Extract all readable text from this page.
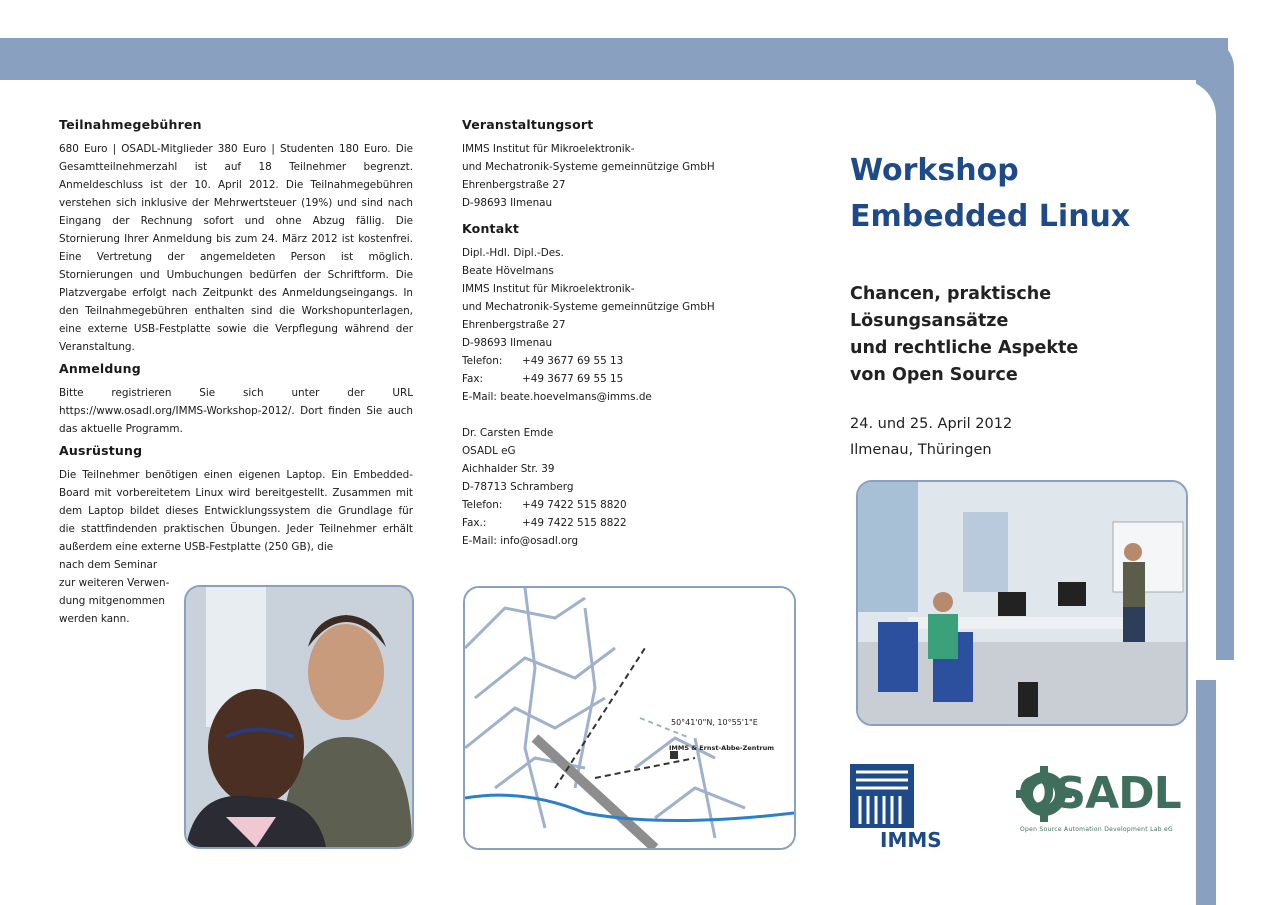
Teilnahmegebühren

680 Euro | OSADL-Mitglieder 380 Euro | Studenten 180 Euro. Die Gesamtteilnehmerzahl ist auf 18 Teilnehmer begrenzt. Anmeldeschluss ist der 10. April 2012. Die Teilnahmegebühren verstehen sich inklusive der Mehrwertsteuer (19%) und sind nach Eingang der Rechnung sofort und ohne Abzug fällig. Die Stornierung Ihrer Anmeldung bis zum 24. März 2012 ist kostenfrei. Eine Vertretung der angemeldeten Person ist möglich. Stornierungen und Umbuchungen bedürfen der Schriftform. Die Platzvergabe erfolgt nach Zeitpunkt des Anmeldungseingangs. In den Teilnahmegebühren enthalten sind die Workshopunterlagen, eine externe USB-Festplatte sowie die Verpflegung während der Veranstaltung.

Anmeldung

Bitte registrieren Sie sich unter der URL https://www.osadl.org/IMMS-Workshop-2012/. Dort finden Sie auch das aktuelle Programm.

Ausrüstung

Die Teilnehmer benötigen einen eigenen Laptop. Ein Embedded-Board mit vorbereitetem Linux wird bereitgestellt. Zusammen mit dem Laptop bildet dieses Entwicklungssystem die Grundlage für die stattfindenden praktischen Übungen. Jeder Teilnehmer erhält außerdem eine externe USB-Festplatte (250 GB), die

nach dem Seminar
zur weiteren Verwen-
dung mitgenommen
werden kann.
Veranstaltungsort
IMMS Institut für Mikroelektronik-
und Mechatronik-Systeme gemeinnützige GmbH
Ehrenbergstraße 27
D-98693 Ilmenau
Kontakt
Dipl.-Hdl. Dipl.-Des.
Beate Hövelmans
IMMS Institut für Mikroelektronik-
und Mechatronik-Systeme gemeinnützige GmbH
Ehrenbergstraße 27
D-98693 Ilmenau
Telefon: +49 3677 69 55 13
Fax:	+49 3677 69 55 15
E-Mail: beate.hoevelmans@imms.de
Dr. Carsten Emde
OSADL eG
Aichhalder Str. 39
D-78713 Schramberg
Telefon: +49 7422 515 8820
Fax.:	+49 7422 515 8822
E-Mail: info@osadl.org
Workshop
Embedded Linux
Chancen, praktische
Lösungsansätze
und rechtliche Aspekte
von Open Source
24. und 25. April 2012
Ilmenau, Thüringen
50°41'0"N, 10°55'1"E
IMMS & Ernst-Abbe-Zentrum
IMMS
OSADL
Open Source Automation Development Lab eG
